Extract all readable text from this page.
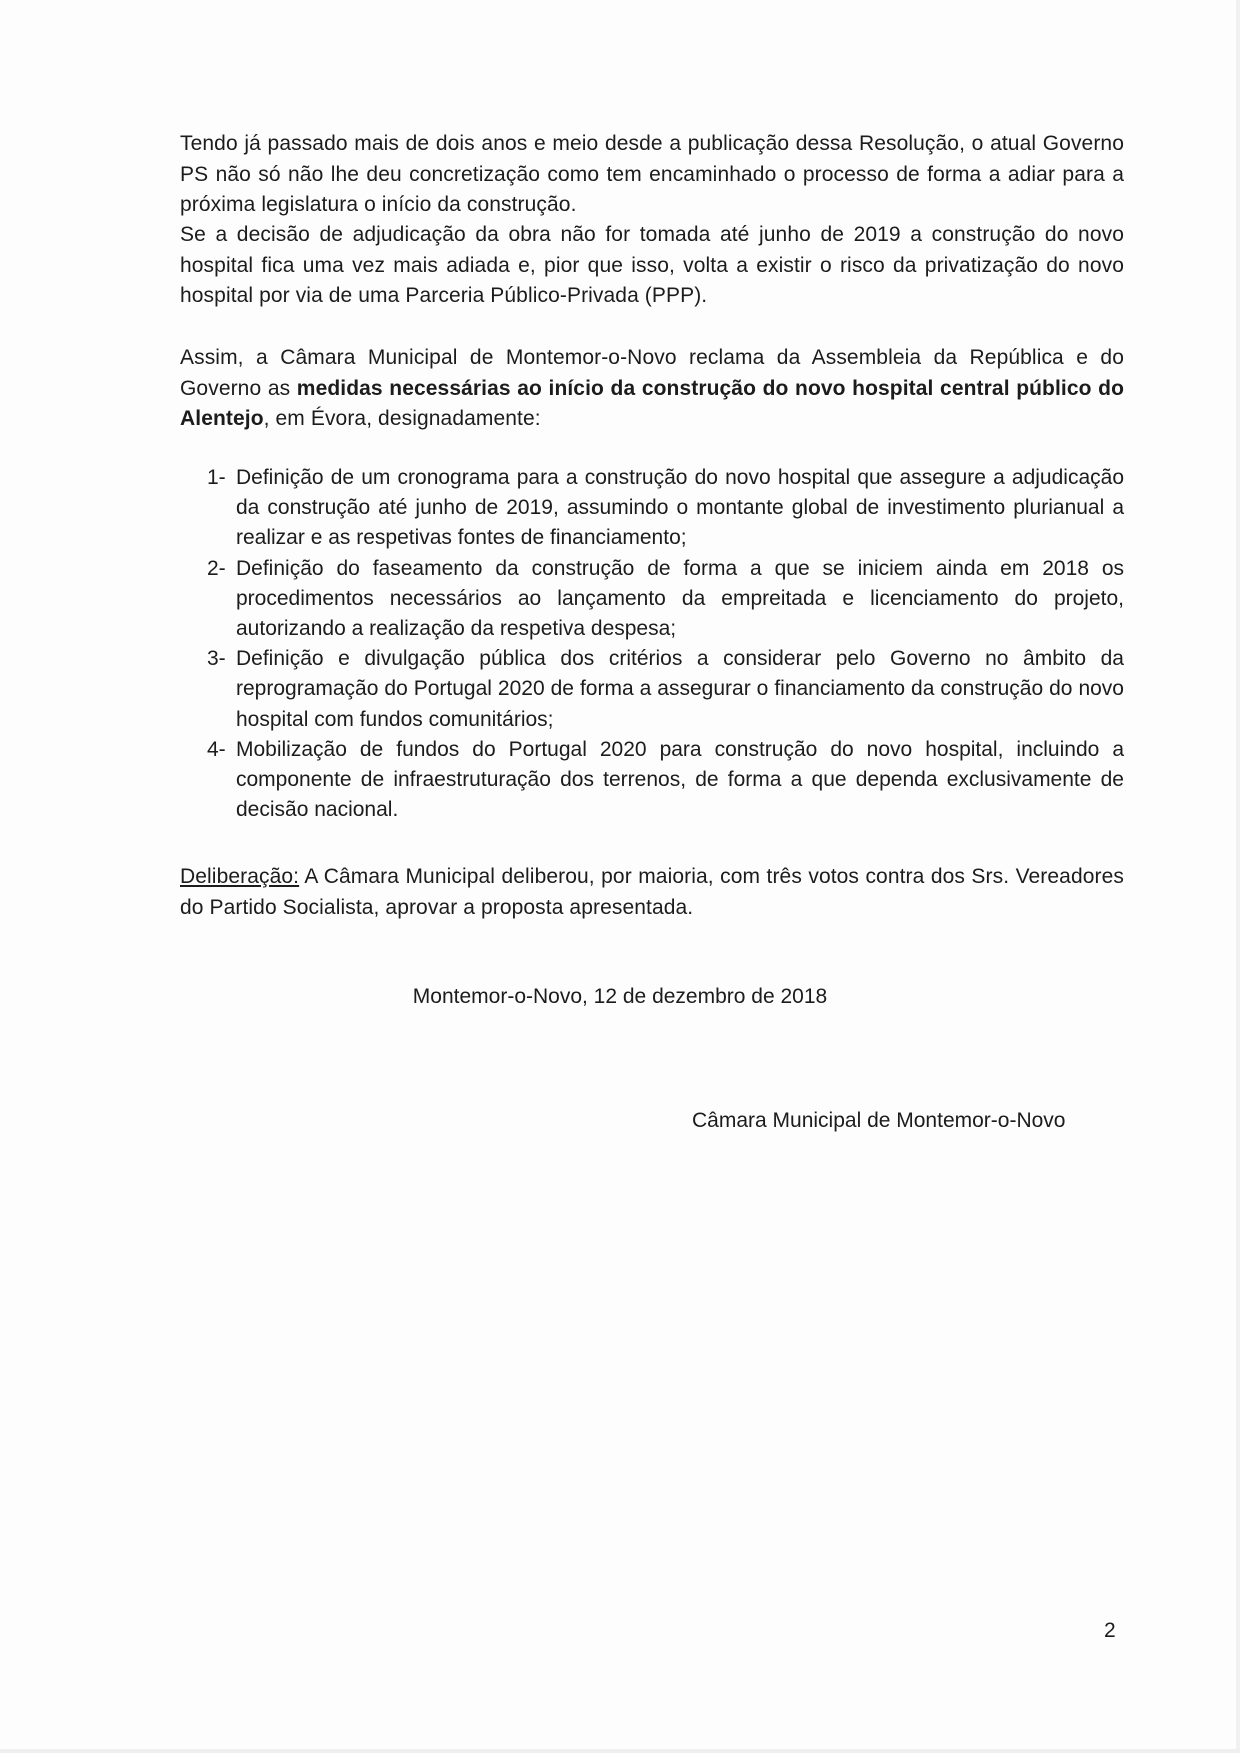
Tendo já passado mais de dois anos e meio desde a publicação dessa Resolução, o atual Governo PS não só não lhe deu concretização como tem encaminhado o processo de forma a adiar para a próxima legislatura o início da construção.
Se a decisão de adjudicação da obra não for tomada até junho de 2019 a construção do novo hospital fica uma vez mais adiada e, pior que isso, volta a existir o risco da privatização do novo hospital por via de uma Parceria Público-Privada (PPP).
Assim, a Câmara Municipal de Montemor-o-Novo reclama da Assembleia da República e do Governo as medidas necessárias ao início da construção do novo hospital central público do Alentejo, em Évora, designadamente:
1- Definição de um cronograma para a construção do novo hospital que assegure a adjudicação da construção até junho de 2019, assumindo o montante global de investimento plurianual a realizar e as respetivas fontes de financiamento;
2- Definição do faseamento da construção de forma a que se iniciem ainda em 2018 os procedimentos necessários ao lançamento da empreitada e licenciamento do projeto, autorizando a realização da respetiva despesa;
3- Definição e divulgação pública dos critérios a considerar pelo Governo no âmbito da reprogramação do Portugal 2020 de forma a assegurar o financiamento da construção do novo hospital com fundos comunitários;
4- Mobilização de fundos do Portugal 2020 para construção do novo hospital, incluindo a componente de infraestruturação dos terrenos, de forma a que dependa exclusivamente de decisão nacional.
Deliberação: A Câmara Municipal deliberou, por maioria, com três votos contra dos Srs. Vereadores do Partido Socialista, aprovar a proposta apresentada.
Montemor-o-Novo, 12 de dezembro de 2018
Câmara Municipal de Montemor-o-Novo
2
